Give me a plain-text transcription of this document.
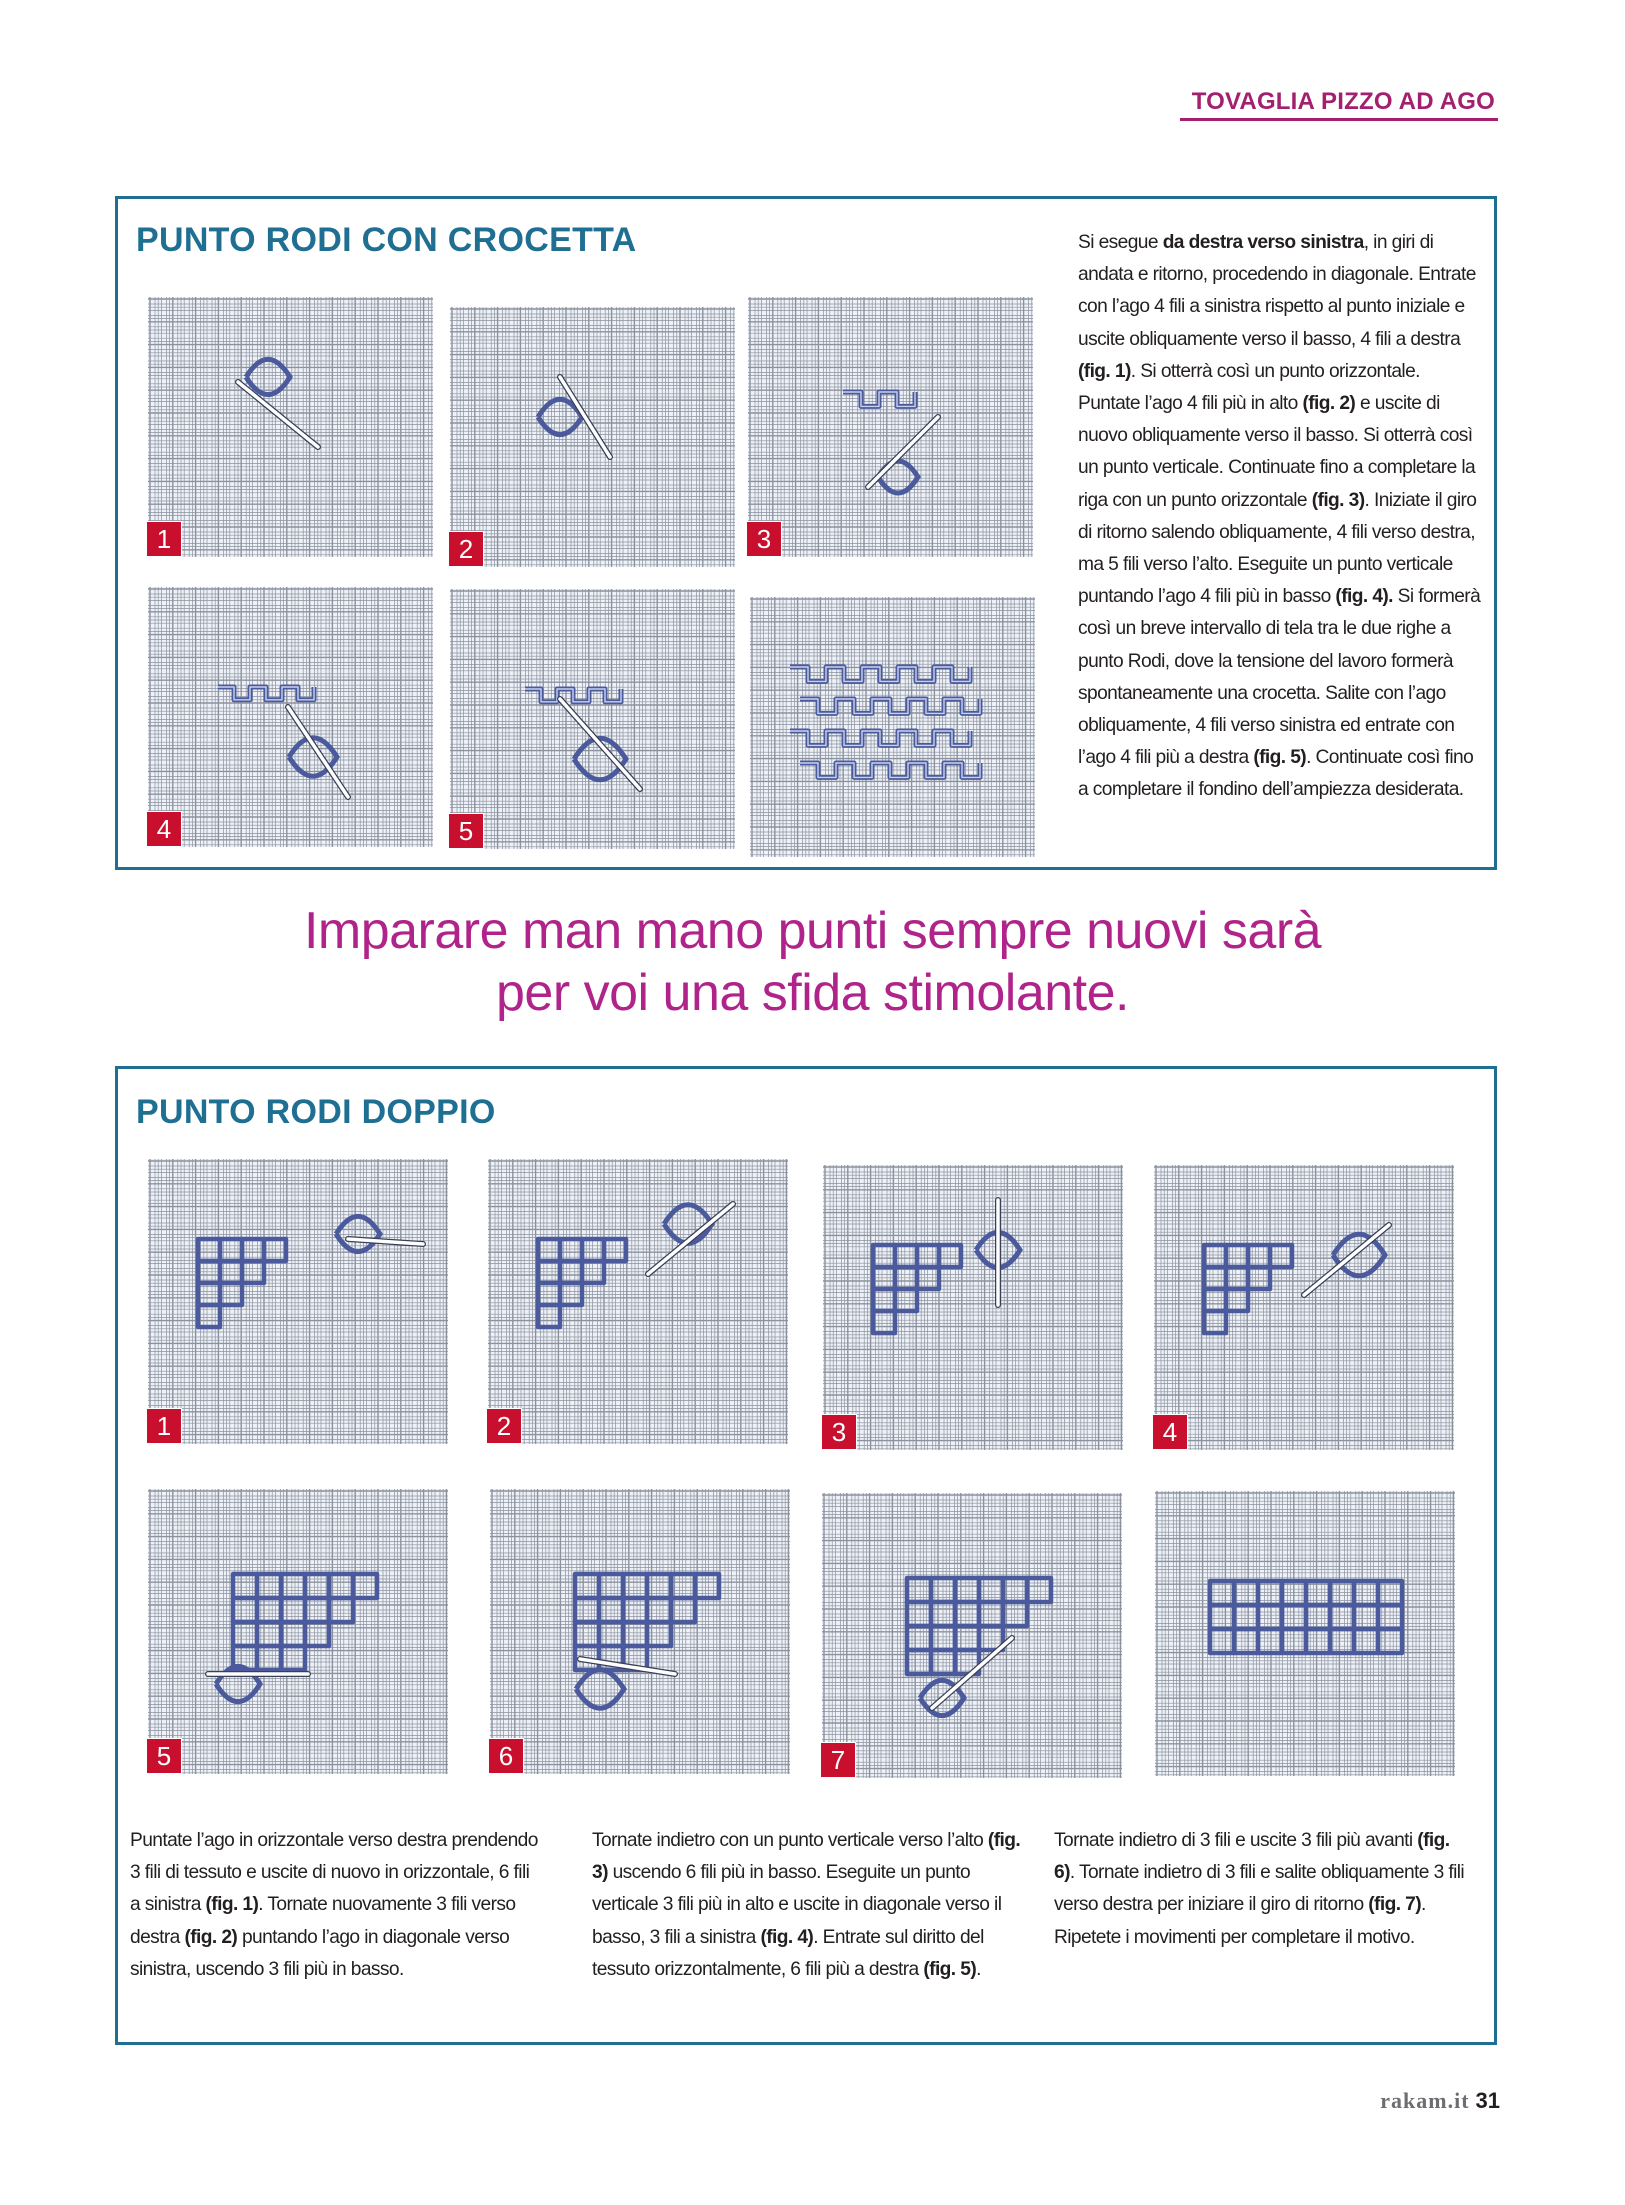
TOVAGLIA PIZZO AD AGO
PUNTO RODI CON CROCETTA	Si esegue da destra verso sinistra, in giri di andata e ritorno, procedendo in diagonale. Entrate con l’ago 4 fili a sinistra rispetto al punto iniziale e uscite obliquamente verso il basso, 4 fili a destra (fig. 1). Si otterrà così un punto orizzontale. Puntate l’ago 4 fili più in alto (fig. 2) e uscite di nuovo obliquamente verso il basso. Si otterrà così un punto verticale. Continuate fino a completare la riga con un punto orizzontale (fig. 3). Iniziate il giro di ritorno salendo obliquamente, 4 fili verso destra, ma 5 fili verso l’alto. Eseguite un punto verticale puntando l’ago 4 fili più in basso (fig. 4). Si formerà così un breve intervallo di tela tra le due righe a punto Rodi, dove la tensione del lavoro formerà spontaneamente una crocetta. Salite con l’ago obliquamente, 4 fili verso sinistra ed entrate con l’ago 4 fili più a destra (fig. 5). Continuate così fino a completare il fondino dell’ampiezza desiderata.
1	2	3
4	5
Imparare man mano punti sempre nuovi sarà
per voi una sfida stimolante.
PUNTO RODI DOPPIO
Puntate l’ago in orizzontale verso destra prendendo 3 fili di tessuto e uscite di nuovo in orizzontale, 6 fili a sinistra (fig. 1). Tornate nuovamente 3 fili verso destra (fig. 2) puntando l’ago in diagonale verso sinistra, uscendo 3 fili più in basso.
Tornate indietro con un punto verticale verso l’alto (fig. 3) uscendo 6 fili più in basso. Eseguite un punto verticale 3 fili più in alto e uscite in diagonale verso il basso, 3 fili a sinistra (fig. 4). Entrate sul diritto del tessuto orizzontalmente, 6 fili più a destra (fig. 5).
Tornate indietro di 3 fili e uscite 3 fili più avanti (fig. 6). Tornate indietro di 3 fili e salite obliquamente 3 fili verso destra per iniziare il giro di ritorno (fig. 7). Ripetete i movimenti per completare il motivo.
1	2	3	4
5	6	7
rakam.it 31
